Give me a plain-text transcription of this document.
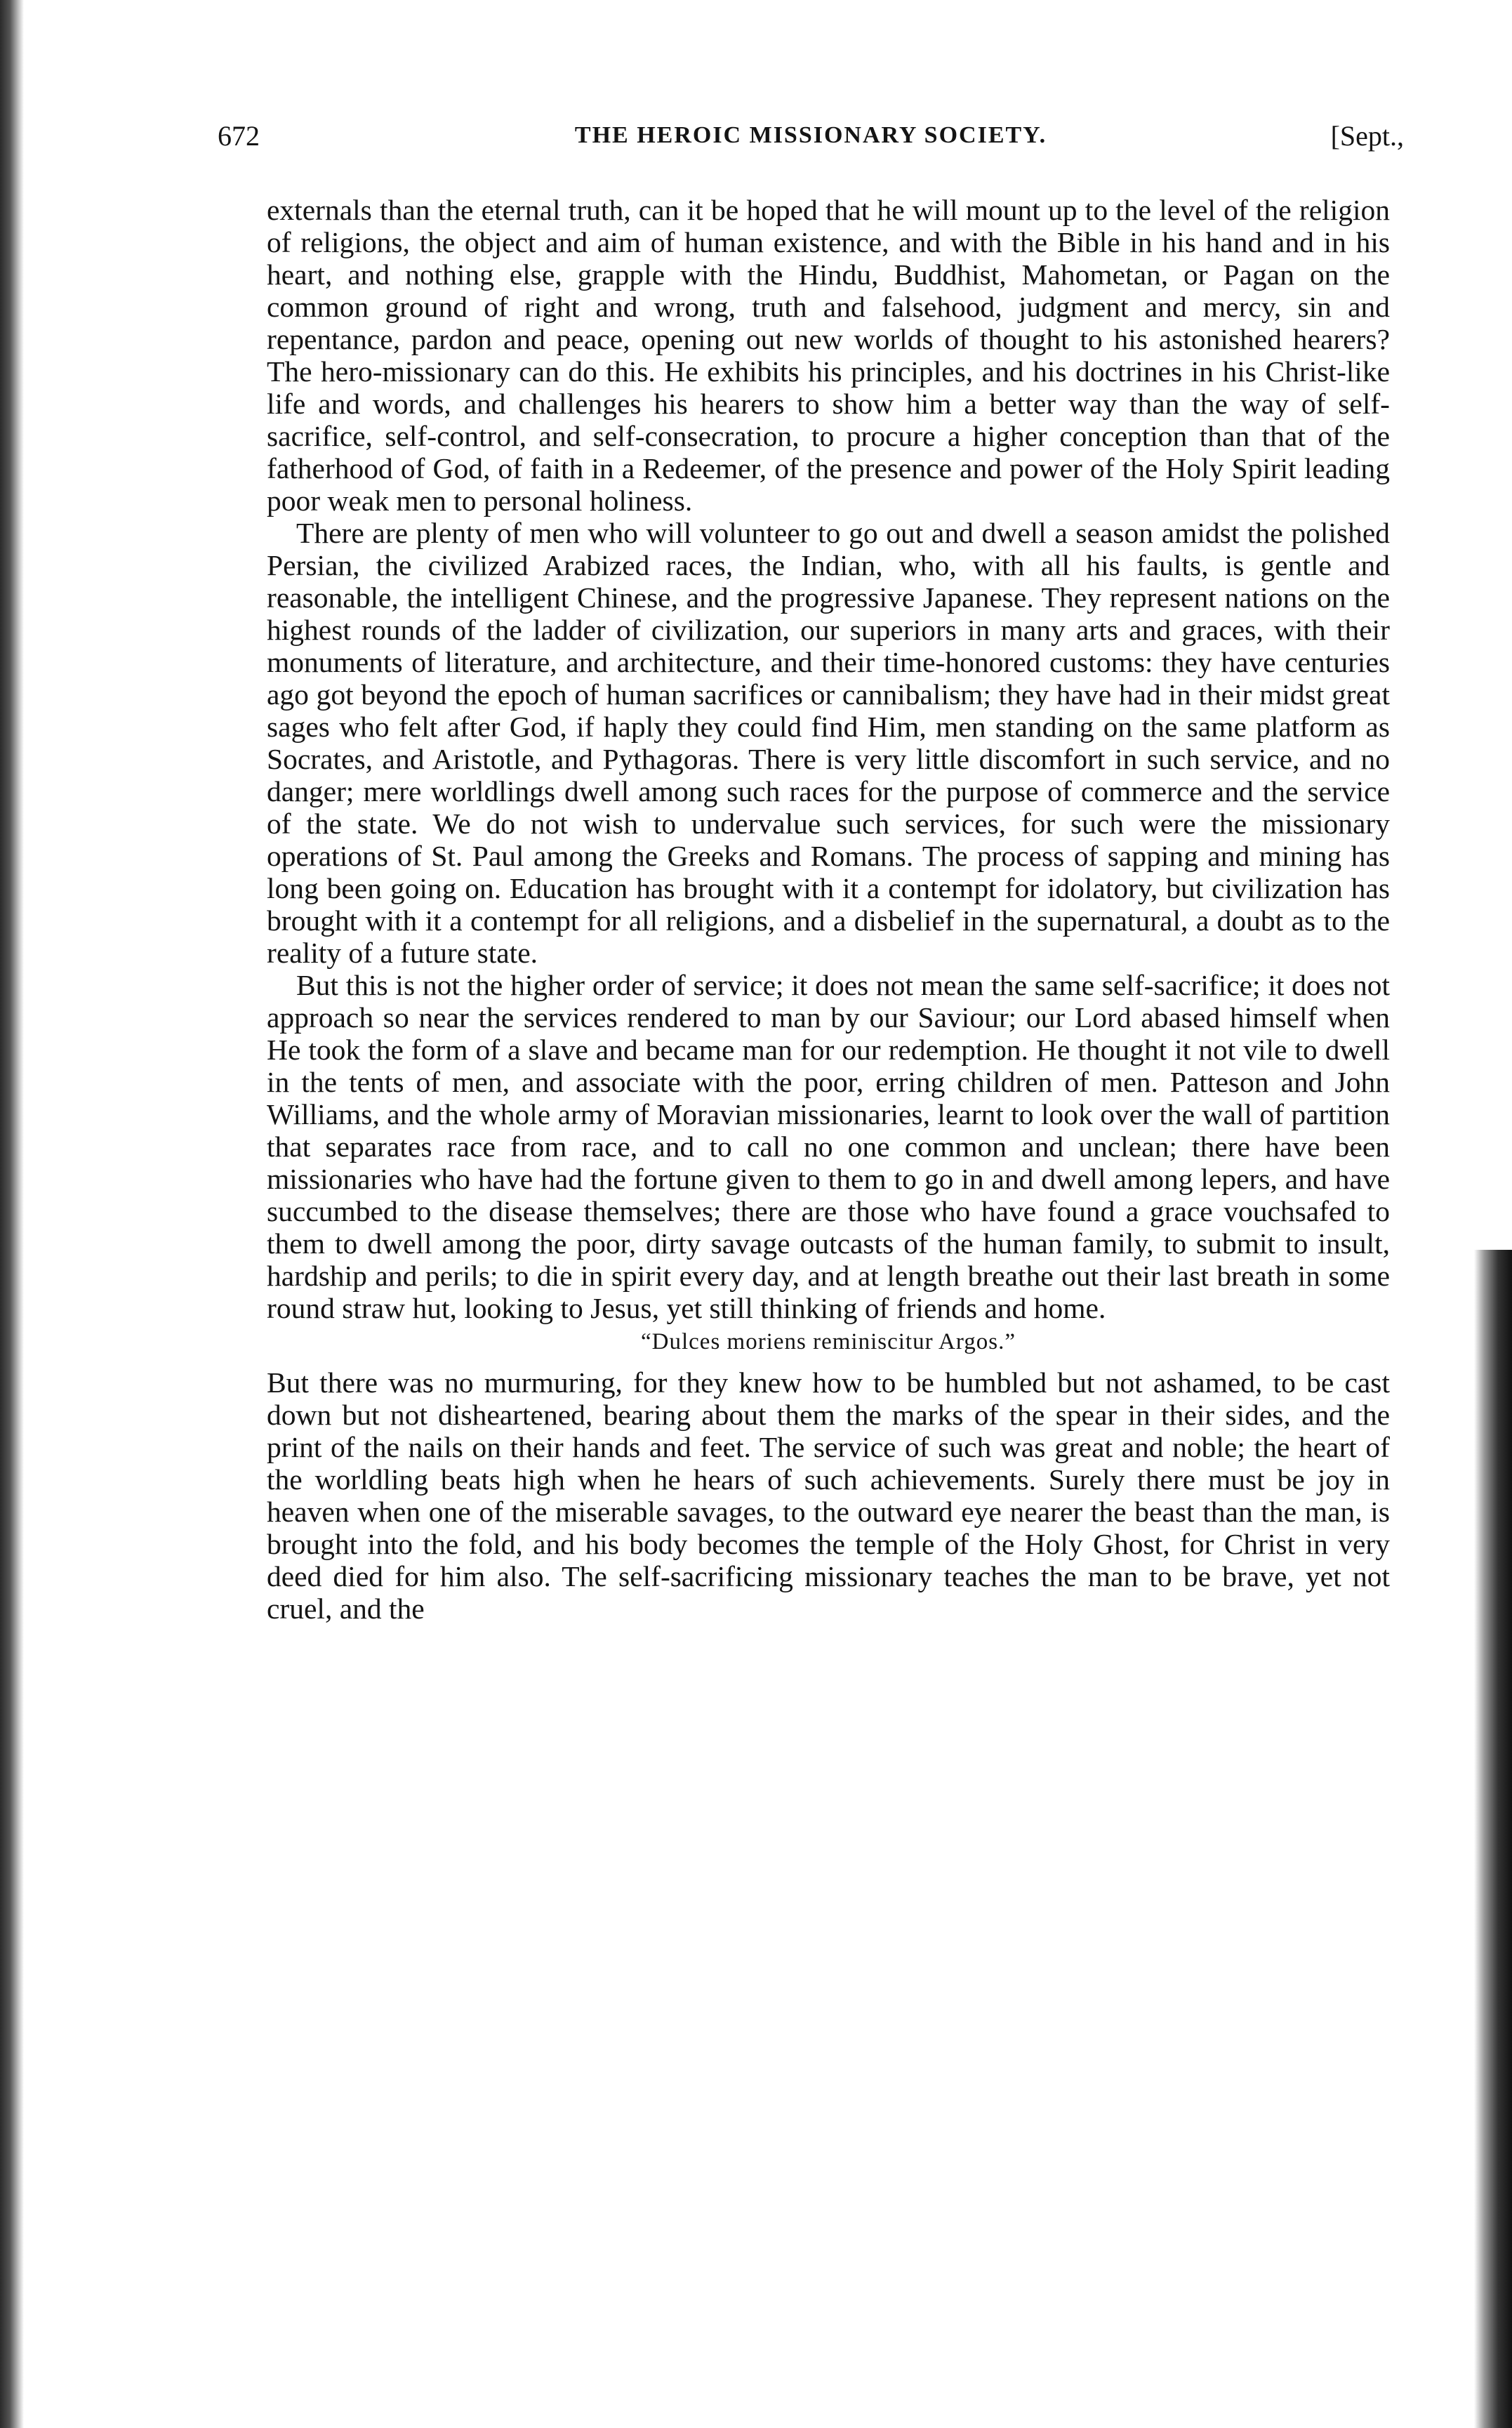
672	THE HEROIC MISSIONARY SOCIETY.	[Sept.,

externals than the eternal truth, can it be hoped that he will mount up to the level of the religion of religions, the object and aim of human existence, and with the Bible in his hand and in his heart, and nothing else, grapple with the Hindu, Buddhist, Mahometan, or Pagan on the common ground of right and wrong, truth and falsehood, judgment and mercy, sin and repentance, pardon and peace, opening out new worlds of thought to his astonished hearers? The hero-missionary can do this. He exhibits his principles, and his doctrines in his Christ-like life and words, and challenges his hearers to show him a better way than the way of self-sacrifice, self-control, and self-consecration, to procure a higher conception than that of the fatherhood of God, of faith in a Redeemer, of the presence and power of the Holy Spirit leading poor weak men to personal holiness.

There are plenty of men who will volunteer to go out and dwell a season amidst the polished Persian, the civilized Arabized races, the Indian, who, with all his faults, is gentle and reasonable, the intelligent Chinese, and the progressive Japanese. They represent nations on the highest rounds of the ladder of civilization, our superiors in many arts and graces, with their monuments of literature, and architecture, and their time-honored customs: they have centuries ago got beyond the epoch of human sacrifices or cannibalism; they have had in their midst great sages who felt after God, if haply they could find Him, men standing on the same platform as Socrates, and Aristotle, and Pythagoras. There is very little discomfort in such service, and no danger; mere worldlings dwell among such races for the purpose of commerce and the service of the state. We do not wish to undervalue such services, for such were the missionary operations of St. Paul among the Greeks and Romans. The process of sapping and mining has long been going on. Education has brought with it a contempt for idolatory, but civilization has brought with it a contempt for all religions, and a disbelief in the supernatural, a doubt as to the reality of a future state.

But this is not the higher order of service; it does not mean the same self-sacrifice; it does not approach so near the services rendered to man by our Saviour; our Lord abased himself when He took the form of a slave and became man for our redemption. He thought it not vile to dwell in the tents of men, and associate with the poor, erring children of men. Patteson and John Williams, and the whole army of Moravian missionaries, learnt to look over the wall of partition that separates race from race, and to call no one common and unclean; there have been missionaries who have had the fortune given to them to go in and dwell among lepers, and have succumbed to the disease themselves; there are those who have found a grace vouchsafed to them to dwell among the poor, dirty savage outcasts of the human family, to submit to insult, hardship and perils; to die in spirit every day, and at length breathe out their last breath in some round straw hut, looking to Jesus, yet still thinking of friends and home.

“Dulces moriens reminiscitur Argos.”

But there was no murmuring, for they knew how to be humbled but not ashamed, to be cast down but not disheartened, bearing about them the marks of the spear in their sides, and the print of the nails on their hands and feet. The service of such was great and noble; the heart of the worldling beats high when he hears of such achievements. Surely there must be joy in heaven when one of the miserable savages, to the outward eye nearer the beast than the man, is brought into the fold, and his body becomes the temple of the Holy Ghost, for Christ in very deed died for him also. The self-sacrificing missionary teaches the man to be brave, yet not cruel, and the
